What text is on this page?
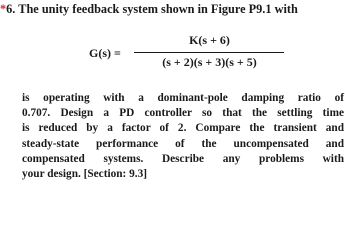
*6. The unity feedback system shown in Figure P9.1 with
G(s) =
K(s + 6)
(s + 2)(s + 3)(s + 5)
is operating with a dominant-pole damping ratio of
0.707. Design a PD controller so that the settling time
is reduced by a factor of 2. Compare the transient and
steady-state performance of the uncompensated and
compensated systems. Describe any problems with
your design. [Section: 9.3]
